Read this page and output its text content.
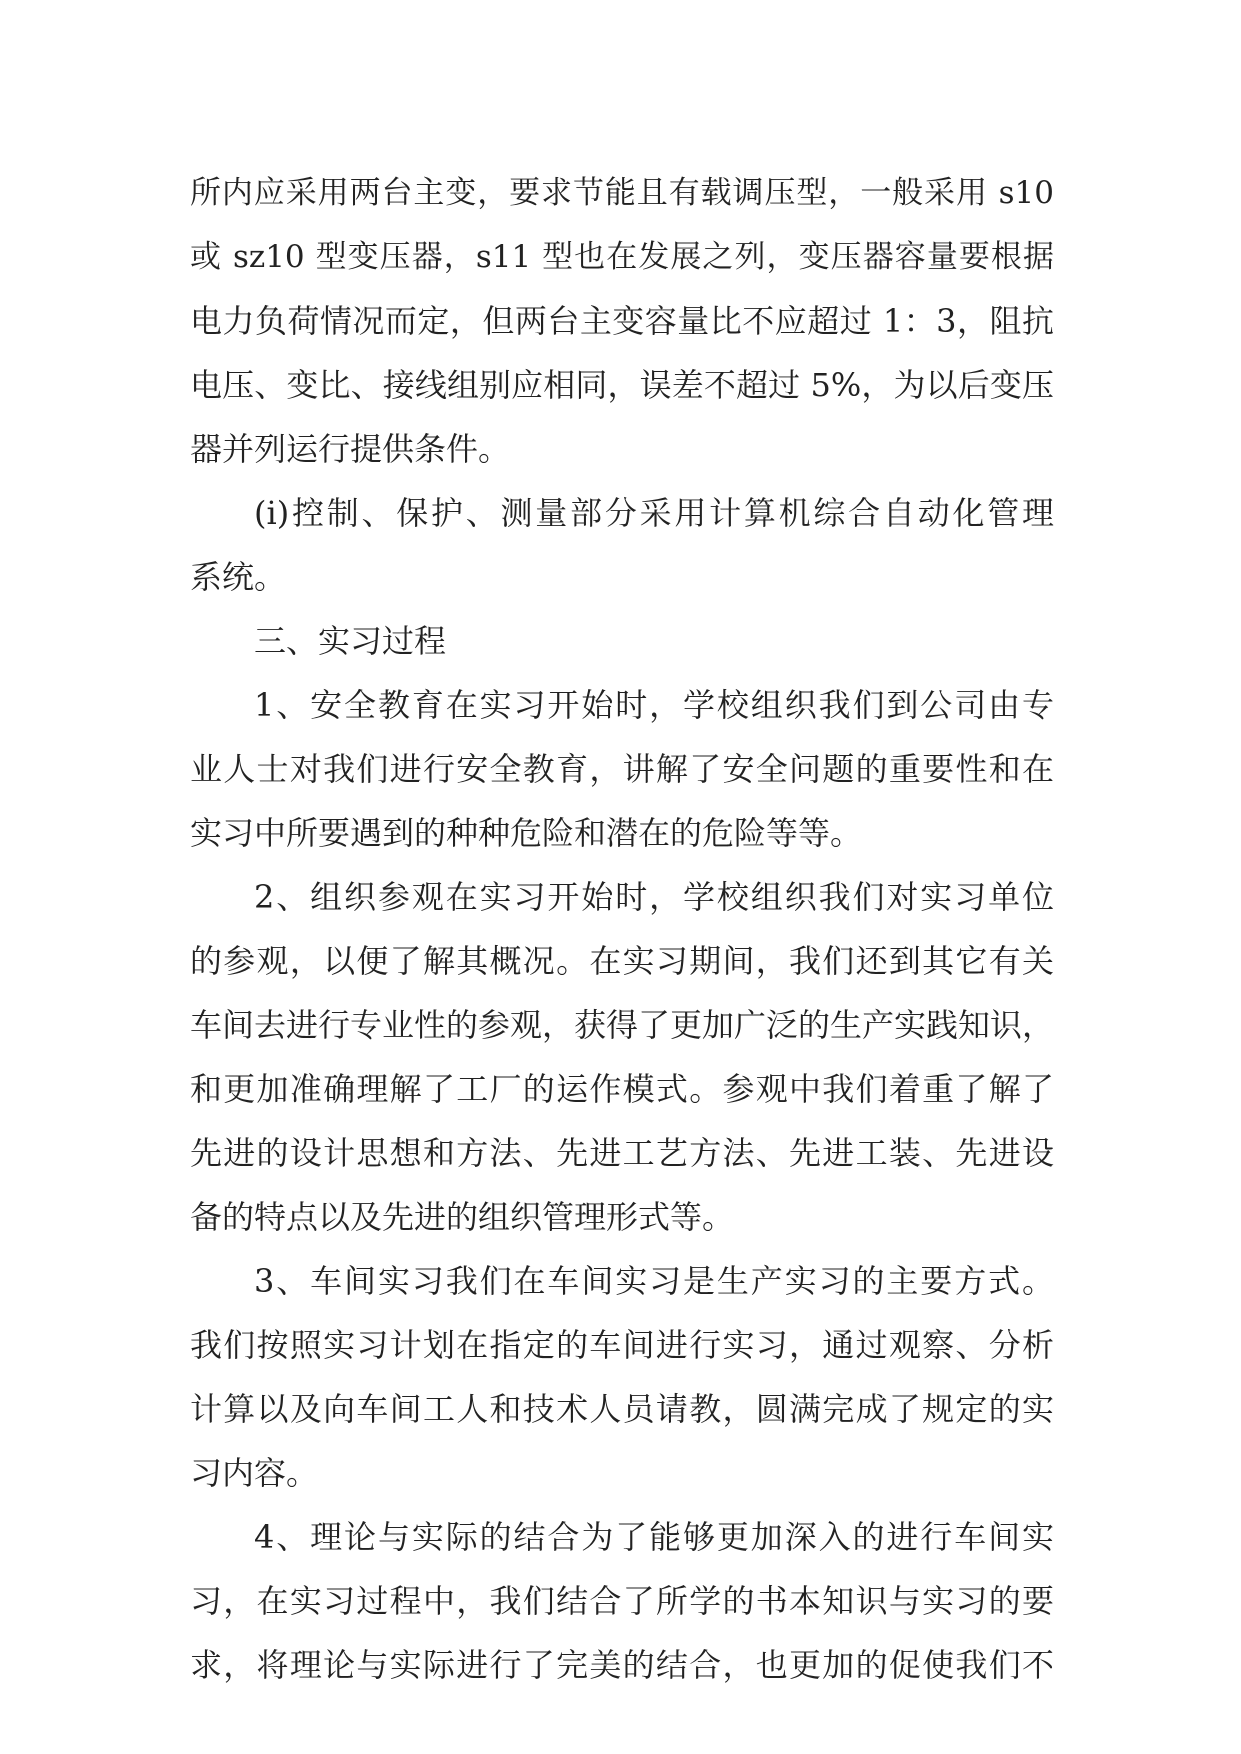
所内应采用两台主变，要求节能且有载调压型，一般采用 s10
或 sz10 型变压器，s11 型也在发展之列，变压器容量要根据
电力负荷情况而定，但两台主变容量比不应超过 1：3，阻抗
电压、变比、接线组别应相同，误差不超过 5%，为以后变压
器并列运行提供条件。
(i)控制、保护、测量部分采用计算机综合自动化管理
系统。
三、实习过程
1、安全教育在实习开始时，学校组织我们到公司由专
业人士对我们进行安全教育，讲解了安全问题的重要性和在
实习中所要遇到的种种危险和潜在的危险等等。
2、组织参观在实习开始时，学校组织我们对实习单位
的参观，以便了解其概况。在实习期间，我们还到其它有关
车间去进行专业性的参观，获得了更加广泛的生产实践知识，
和更加准确理解了工厂的运作模式。参观中我们着重了解了
先进的设计思想和方法、先进工艺方法、先进工装、先进设
备的特点以及先进的组织管理形式等。
3、车间实习我们在车间实习是生产实习的主要方式。
我们按照实习计划在指定的车间进行实习，通过观察、分析
计算以及向车间工人和技术人员请教，圆满完成了规定的实
习内容。
4、理论与实际的结合为了能够更加深入的进行车间实
习，在实习过程中，我们结合了所学的书本知识与实习的要
求，将理论与实际进行了完美的结合，也更加的促使我们不
